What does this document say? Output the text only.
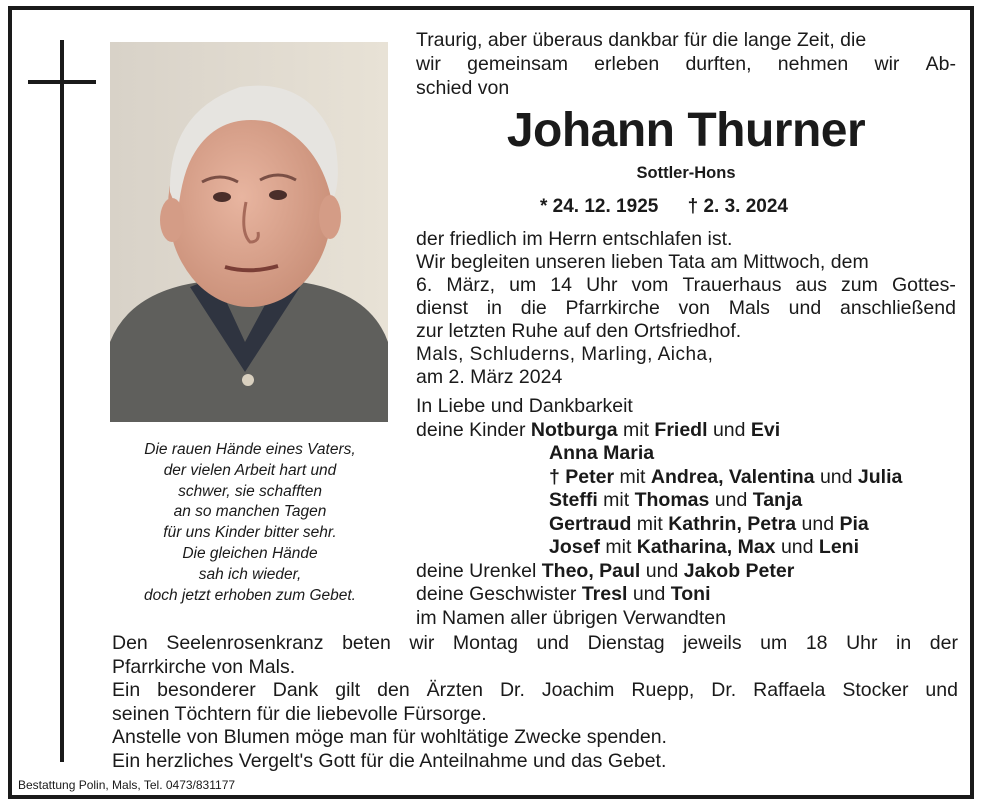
Die rauen Hände eines Vaters,
der vielen Arbeit hart und
schwer, sie schafften
an so manchen Tagen
für uns Kinder bitter sehr.
Die gleichen Hände
sah ich wieder,
doch jetzt erhoben zum Gebet.
Traurig, aber überaus dankbar für die lange Zeit, die
wir gemeinsam erleben durften, nehmen wir Ab-
schied von
Johann Thurner
Sottler-Hons
* 24. 12. 1925 † 2. 3. 2024
der friedlich im Herrn entschlafen ist.
Wir begleiten unseren lieben Tata am Mittwoch, dem
6. März, um 14 Uhr vom Trauerhaus aus zum Gottes-
dienst in die Pfarrkirche von Mals und anschließend
zur letzten Ruhe auf den Ortsfriedhof.
Mals, Schluderns, Marling, Aicha,
am 2. März 2024
In Liebe und Dankbarkeit
deine Kinder Notburga mit Friedl und Evi
Anna Maria
† Peter mit Andrea, Valentina und Julia
Steffi mit Thomas und Tanja
Gertraud mit Kathrin, Petra und Pia
Josef mit Katharina, Max und Leni
deine Urenkel Theo, Paul und Jakob Peter
deine Geschwister Tresl und Toni
im Namen aller übrigen Verwandten
Den Seelenrosenkranz beten wir Montag und Dienstag jeweils um 18 Uhr in der
Pfarrkirche von Mals.
Ein besonderer Dank gilt den Ärzten Dr. Joachim Ruepp, Dr. Raffaela Stocker und
seinen Töchtern für die liebevolle Fürsorge.
Anstelle von Blumen möge man für wohltätige Zwecke spenden.
Ein herzliches Vergelt's Gott für die Anteilnahme und das Gebet.
Bestattung Polin, Mals, Tel. 0473/831177
